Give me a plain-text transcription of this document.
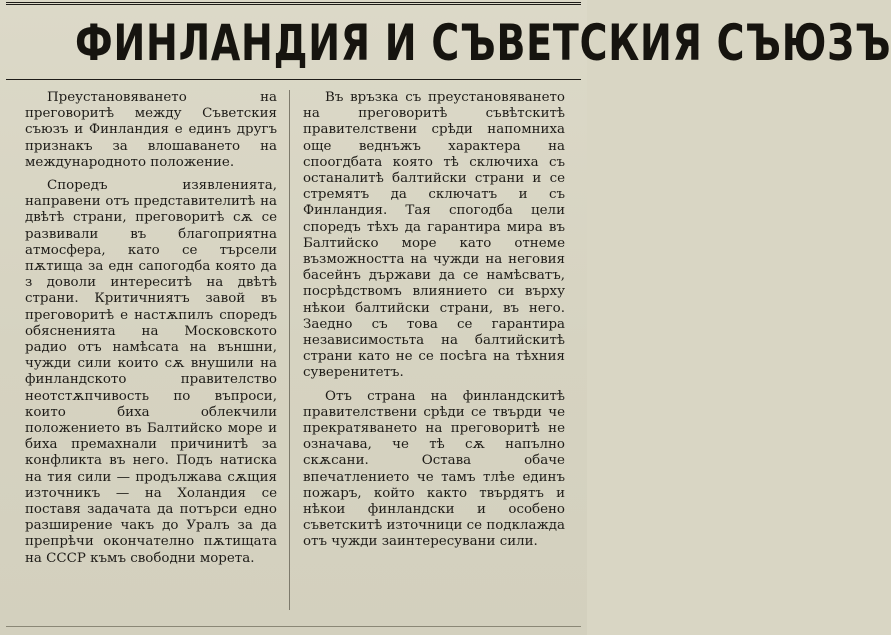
ФИНЛАНДИЯ И СЪВЕТСКИЯ СЪЮЗЪ

Преустановяването на преговоритѣ между Съветския съюзъ и Финландия е единъ другъ признакъ за влошаването на международното положение.

Споредъ изявленията, направени отъ представителитѣ на двѣтѣ страни, преговоритѣ сѫ се развивали въ благоприятна атмосфера, като се търсели пѫтища за едн сапогодба която да з доволи интереситѣ на двѣтѣ страни. Критичниятъ завой въ преговоритѣ е настѫпилъ споредъ обясненията на Московското радио отъ намѣсата на външни, чужди сили които сѫ внушили на финландското правителство неотстѫпчивость по въпроси, които биха облекчили положението въ Балтийско море и биха премахнали причинитѣ за конфликта въ него. Подъ натиска на тия сили — продължава сѫщия източникъ — на Холандия се поставя задачата да потърси едно разширение чакъ до Уралъ за да препрѣчи окончателно пѫтищата на СССР къмъ свободни морета.

Въ връзка съ преустановяването на преговоритѣ съвѣтскитѣ правителствени срѣди напомниха още веднъжъ характера на споогдбата която тѣ сключиха съ останалитѣ балтийски страни и се стремятъ да сключатъ и съ Финландия. Тая спогодба цели споредъ тѣхъ да гарантира мира въ Балтийско море като отнеме възможността на чужди на неговия басейнъ държави да се намѣсватъ, посрѣдствомъ влиянието си върху нѣкои балтийски страни, въ него. Заедно съ това се гарантира независимостьта на балтийскитѣ страни като не се посѣга на тѣхния суверенитетъ.

Отъ страна на финландскитѣ правителствени срѣди се твърди че прекратяването на преговоритѣ не означава, че тѣ сѫ напълно скѫсани. Остава обаче впечатлението че тамъ тлѣе единъ пожаръ, който както твърдятъ и нѣкои финландски и особено съветскитѣ източници се подклажда отъ чужди заинтересувани сили.
